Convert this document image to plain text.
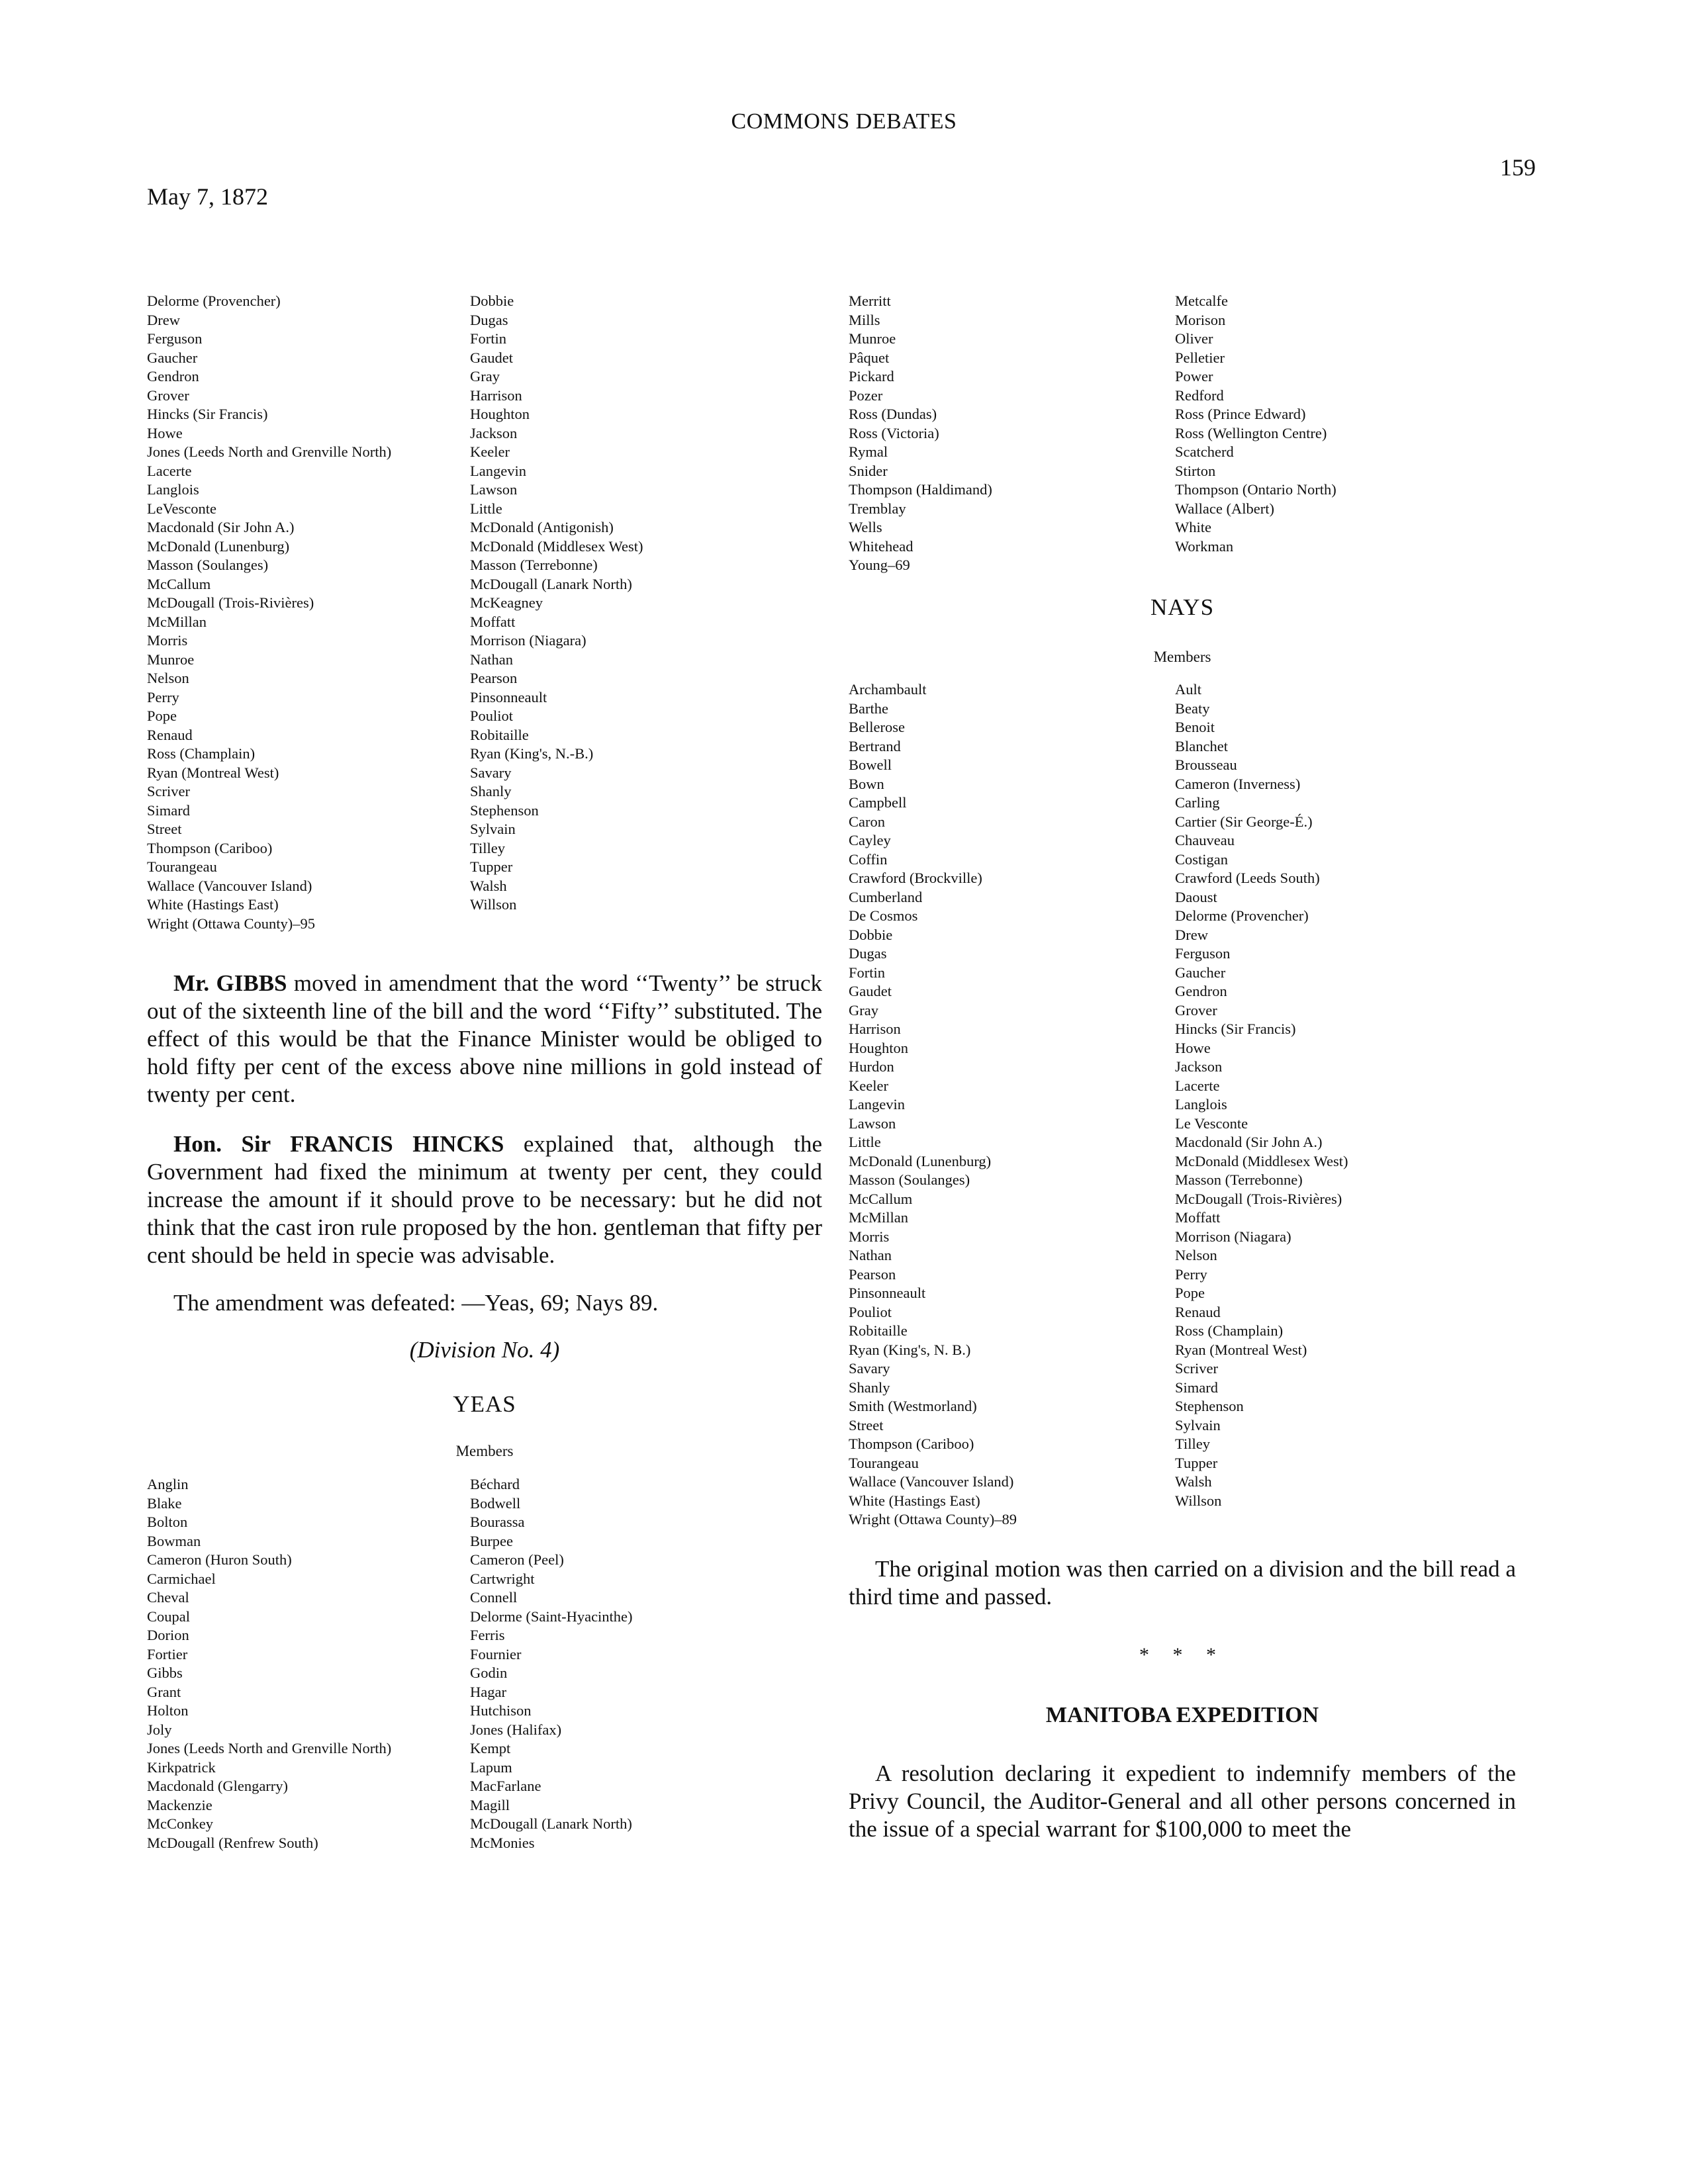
COMMONS DEBATES
159
May 7, 1872
Delorme (Provencher)
Drew
Ferguson
Gaucher
Gendron
Grover
Hincks (Sir Francis)
Howe
Jones (Leeds North and Grenville North)
Lacerte
Langlois
LeVesconte
Macdonald (Sir John A.)
McDonald (Lunenburg)
Masson (Soulanges)
McCallum
McDougall (Trois-Rivières)
McMillan
Morris
Munroe
Nelson
Perry
Pope
Renaud
Ross (Champlain)
Ryan (Montreal West)
Scriver
Simard
Street
Thompson (Cariboo)
Tourangeau
Wallace (Vancouver Island)
White (Hastings East)
Wright (Ottawa County)–95
Dobbie
Dugas
Fortin
Gaudet
Gray
Harrison
Houghton
Jackson
Keeler
Langevin
Lawson
Little
McDonald (Antigonish)
McDonald (Middlesex West)
Masson (Terrebonne)
McDougall (Lanark North)
McKeagney
Moffatt
Morrison (Niagara)
Nathan
Pearson
Pinsonneault
Pouliot
Robitaille
Ryan (King's, N.-B.)
Savary
Shanly
Stephenson
Sylvain
Tilley
Tupper
Walsh
Willson
Merritt
Mills
Munroe
Pâquet
Pickard
Pozer
Ross (Dundas)
Ross (Victoria)
Rymal
Snider
Thompson (Haldimand)
Tremblay
Wells
Whitehead
Young–69
Metcalfe
Morison
Oliver
Pelletier
Power
Redford
Ross (Prince Edward)
Ross (Wellington Centre)
Scatcherd
Stirton
Thompson (Ontario North)
Wallace (Albert)
White
Workman

Mr. GIBBS moved in amendment that the word ‘‘Twenty’’ be struck out of the sixteenth line of the bill and the word ‘‘Fifty’’ substituted. The effect of this would be that the Finance Minister would be obliged to hold fifty per cent of the excess above nine millions in gold instead of twenty per cent.

Hon. Sir FRANCIS HINCKS explained that, although the Government had fixed the minimum at twenty per cent, they could increase the amount if it should prove to be necessary: but he did not think that the cast iron rule proposed by the hon. gentleman that fifty per cent should be held in specie was advisable.

The amendment was defeated: —Yeas, 69; Nays 89.

(Division No. 4)
YEAS
Members
Anglin
Blake
Bolton
Bowman
Cameron (Huron South)
Carmichael
Cheval
Coupal
Dorion
Fortier
Gibbs
Grant
Holton
Joly
Jones (Leeds North and Grenville North)
Kirkpatrick
Macdonald (Glengarry)
Mackenzie
McConkey
McDougall (Renfrew South)
Béchard
Bodwell
Bourassa
Burpee
Cameron (Peel)
Cartwright
Connell
Delorme (Saint-Hyacinthe)
Ferris
Fournier
Godin
Hagar
Hutchison
Jones (Halifax)
Kempt
Lapum
MacFarlane
Magill
McDougall (Lanark North)
McMonies
NAYS
Members
Archambault
Barthe
Bellerose
Bertrand
Bowell
Bown
Campbell
Caron
Cayley
Coffin
Crawford (Brockville)
Cumberland
De Cosmos
Dobbie
Dugas
Fortin
Gaudet
Gray
Harrison
Houghton
Hurdon
Keeler
Langevin
Lawson
Little
McDonald (Lunenburg)
Masson (Soulanges)
McCallum
McMillan
Morris
Nathan
Pearson
Pinsonneault
Pouliot
Robitaille
Ryan (King's, N. B.)
Savary
Shanly
Smith (Westmorland)
Street
Thompson (Cariboo)
Tourangeau
Wallace (Vancouver Island)
White (Hastings East)
Wright (Ottawa County)–89
Ault
Beaty
Benoit
Blanchet
Brousseau
Cameron (Inverness)
Carling
Cartier (Sir George-É.)
Chauveau
Costigan
Crawford (Leeds South)
Daoust
Delorme (Provencher)
Drew
Ferguson
Gaucher
Gendron
Grover
Hincks (Sir Francis)
Howe
Jackson
Lacerte
Langlois
Le Vesconte
Macdonald (Sir John A.)
McDonald (Middlesex West)
Masson (Terrebonne)
McDougall (Trois-Rivières)
Moffatt
Morrison (Niagara)
Nelson
Perry
Pope
Renaud
Ross (Champlain)
Ryan (Montreal West)
Scriver
Simard
Stephenson
Sylvain
Tilley
Tupper
Walsh
Willson

The original motion was then carried on a division and the bill read a third time and passed.

* * *
MANITOBA EXPEDITION

A resolution declaring it expedient to indemnify members of the Privy Council, the Auditor-General and all other persons concerned in the issue of a special warrant for $100,000 to meet the
